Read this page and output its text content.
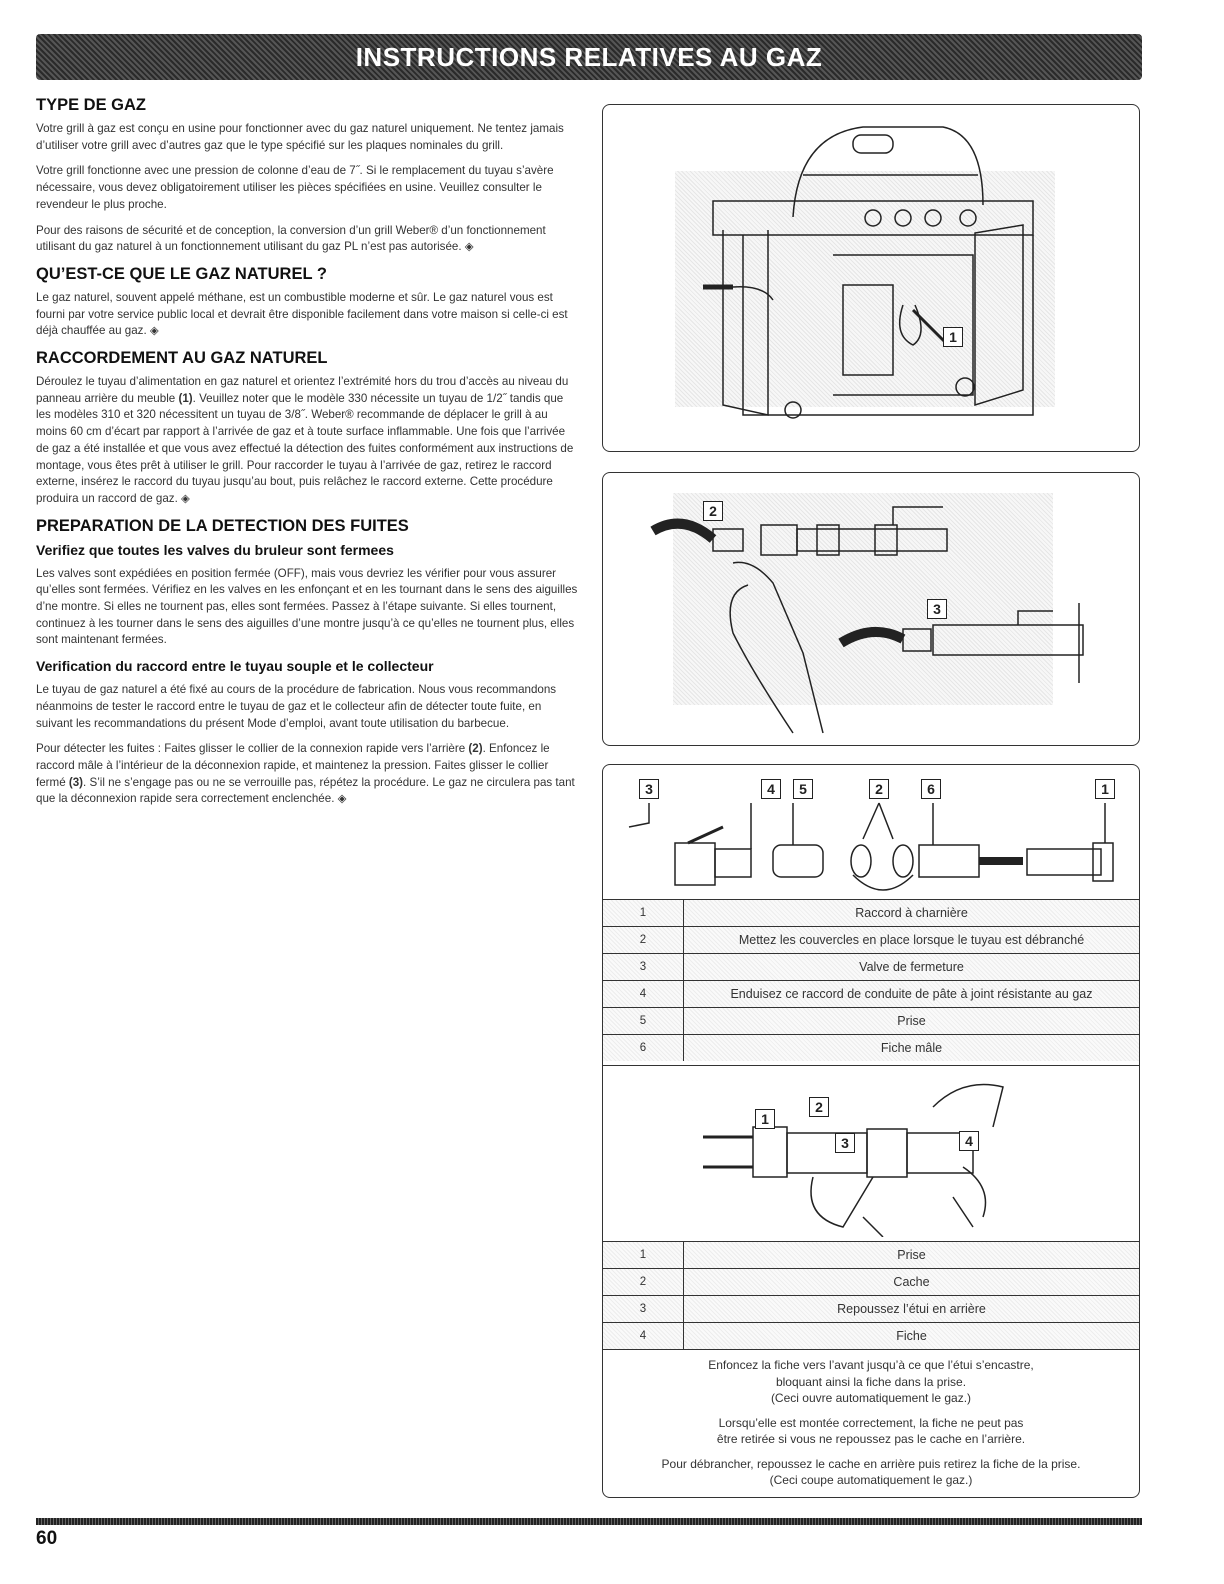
INSTRUCTIONS RELATIVES AU GAZ
TYPE DE GAZ

Votre grill à gaz est conçu en usine pour fonctionner avec du gaz naturel uniquement. Ne tentez jamais d’utiliser votre grill avec d’autres gaz que le type spécifié sur les plaques nominales du grill.

Votre grill fonctionne avec une pression de colonne d’eau de 7˝. Si le remplacement du tuyau s’avère nécessaire, vous devez obligatoirement utiliser les pièces spécifiées en usine. Veuillez consulter le revendeur le plus proche.

Pour des raisons de sécurité et de conception, la conversion d’un grill Weber® d’un fonctionnement utilisant du gaz naturel à un fonctionnement utilisant du gaz PL n’est pas autorisée. ◈

QU’EST-CE QUE LE GAZ NATUREL ?

Le gaz naturel, souvent appelé méthane, est un combustible moderne et sûr. Le gaz naturel vous est fourni par votre service public local et devrait être disponible facilement dans votre maison si celle-ci est déjà chauffée au gaz. ◈

RACCORDEMENT AU GAZ NATUREL

Déroulez le tuyau d’alimentation en gaz naturel et orientez l’extrémité hors du trou d’accès au niveau du panneau arrière du meuble (1). Veuillez noter que le modèle 330 nécessite un tuyau de 1/2˝ tandis que les modèles 310 et 320 nécessitent un tuyau de 3/8˝. Weber® recommande de déplacer le grill à au moins 60 cm d’écart par rapport à l’arrivée de gaz et à toute surface inflammable. Une fois que l’arrivée de gaz a été installée et que vous avez effectué la détection des fuites conformément aux instructions de montage, vous êtes prêt à utiliser le grill. Pour raccorder le tuyau à l’arrivée de gaz, retirez le raccord externe, insérez le raccord du tuyau jusqu’au bout, puis relâchez le raccord externe. Cette procédure produira un raccord de gaz. ◈

PREPARATION DE LA DETECTION DES FUITES
Verifiez que toutes les valves du bruleur sont fermees

Les valves sont expédiées en position fermée (OFF), mais vous devriez les vérifier pour vous assurer qu’elles sont fermées. Vérifiez en les valves en les enfonçant et en les tournant dans le sens des aiguilles d’ne montre. Si elles ne tournent pas, elles sont fermées. Passez à l’étape suivante. Si elles tournent, continuez à les tourner dans le sens des aiguilles d’une montre jusqu’à ce qu’elles ne tournent plus, elles sont maintenant fermées.

Verification du raccord entre le tuyau souple et le collecteur

Le tuyau de gaz naturel a été fixé au cours de la procédure de fabrication. Nous vous recommandons néanmoins de tester le raccord entre le tuyau de gaz et le collecteur afin de détecter toute fuite, en suivant les recommandations du présent Mode d’emploi, avant toute utilisation du barbecue.

Pour détecter les fuites : Faites glisser le collier de la connexion rapide vers l’arrière (2). Enfoncez le raccord mâle à l’intérieur de la déconnexion rapide, et maintenez la pression. Faites glisser le collier fermé (3). S’il ne s’engage pas ou ne se verrouille pas, répétez la procédure. Le gaz ne circulera pas tant que la déconnexion rapide sera correctement enclenchée. ◈

1
2
3
3	4	5	2	6	1
1	Raccord à charnière
2	Mettez les couvercles en place lorsque le tuyau est débranché
3	Valve de fermeture
4	Enduisez ce raccord de conduite de pâte à joint résistante au gaz
5	Prise
6	Fiche mâle
1
2
3	4
1	Prise
2	Cache
3	Repoussez l’étui en arrière
4	Fiche

Enfoncez la fiche vers l’avant jusqu’à ce que l’étui s’encastre,
bloquant ainsi la fiche dans la prise.
(Ceci ouvre automatiquement le gaz.)

Lorsqu’elle est montée correctement, la fiche ne peut pas
être retirée si vous ne repoussez pas le cache en l’arrière.

Pour débrancher, repoussez le cache en arrière puis retirez la fiche de la prise.
(Ceci coupe automatiquement le gaz.)

60
